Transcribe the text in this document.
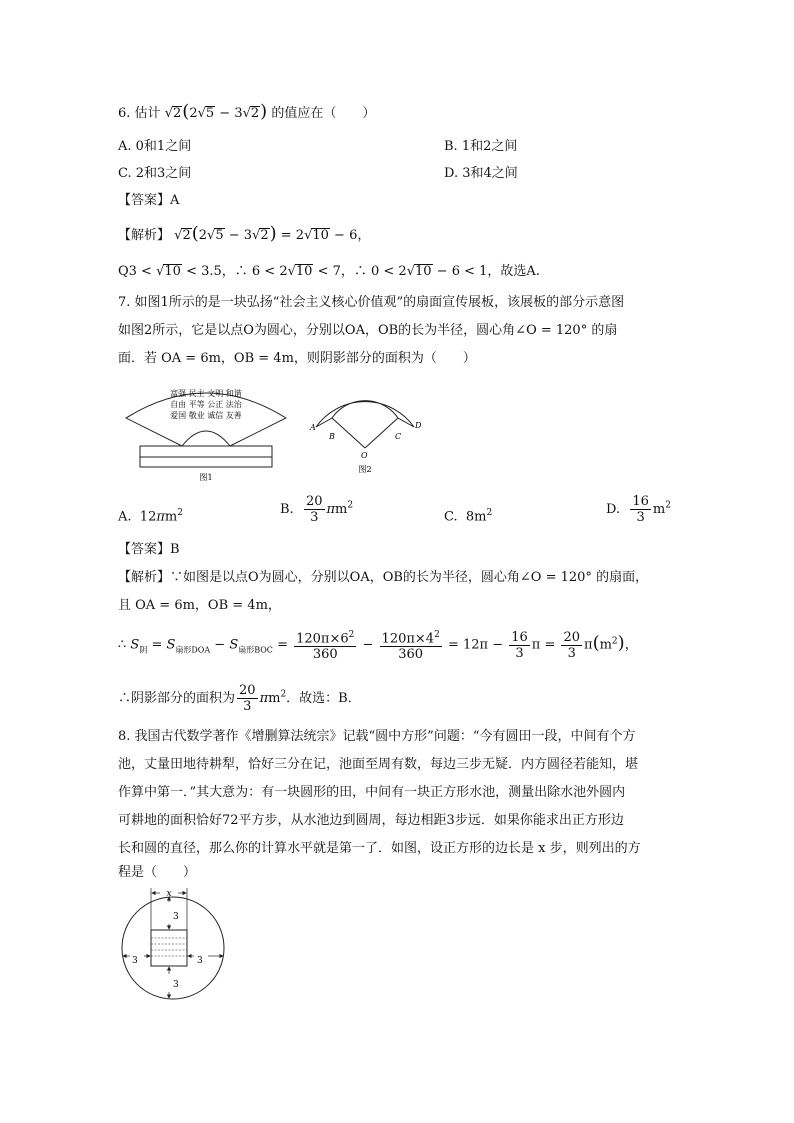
6. 估计 √2(2√5 − 3√2) 的值应在（　　）
A. 0和1之间	B. 1和2之间
C. 2和3之间	D. 3和4之间
【答案】A
【解析】 √2(2√5 − 3√2) = 2√10 − 6，
Q3 < √10 < 3.5，∴ 6 < 2√10 < 7，∴ 0 < 2√10 − 6 < 1，故选A.
7. 如图1所示的是一块弘扬“社会主义核心价值观”的扇面宣传展板，该展板的部分示意图
如图2所示，它是以点O为圆心，分别以OA，OB的长为半径，圆心角∠O = 120° 的扇
面．若 OA = 6m，OB = 4m，则阴影部分的面积为（　　）
富强 民主 文明 和谐
自由 平等 公正 法治
爱国 敬业 诚信 友善
图1
A
B
O
C
D
图2
A.  $12\pi m^2$	B. $\frac{20}{3} \pi m^2$
C.  $8m^2$	D. $\frac{16}{3} m^2$
【答案】B
【解析】∵如图是以点O为圆心，分别以OA，OB的长为半径，圆心角∠O = 120° 的扇面，
且 OA = 6m，OB = 4m，
∴ $S_阴 = S_{扇形DOA} - S_{扇形BOC} = \frac{120\pi\times 6^2}{360} - \frac{120\pi\times 4^2}{360} = 12\pi - \frac{16}{3}$ $\pi = \frac{20}{3} \pi(m^2)$，
∴阴影部分的面积为 $\frac{20}{3} \pi m^2$．故选：B．
8. 我国古代数学著作《增删算法统宗》记载“圆中方形”问题：“今有圆田一段，中间有个方
池，丈量田地待耕犁，恰好三分在记，池面至周有数，每边三步无疑．内方圆径若能知，堪
作算中第一．”其大意为：有一块圆形的田，中间有一块正方形水池，测量出除水池外圆内
可耕地的面积恰好72平方步，从水池边到圆周，每边相距3步远．如果你能求出正方形边
长和圆的直径，那么你的计算水平就是第一了．如图，设正方形的边长是 x 步，则列出的方
程是（　　）
x
3
3
3	3
